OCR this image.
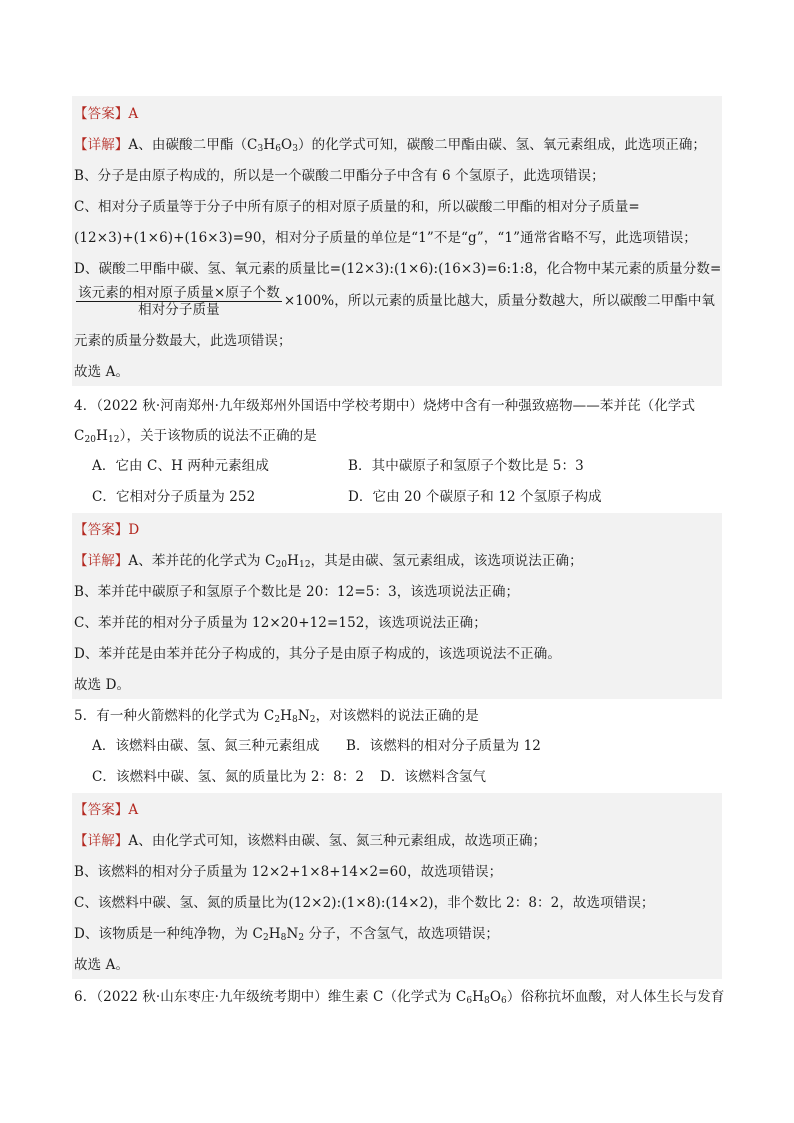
【答案】A
【详解】A、由碳酸二甲酯$(C_3H_6O_3)$的化学式可知，碳酸二甲酯由碳、氢、氧元素组成，此选项正确；
B、分子是由原子构成的，所以是一个碳酸二甲酯分子中含有 6 个氢原子，此选项错误；
C、相对分子质量等于分子中所有原子的相对原子质量的和，所以碳酸二甲酯的相对分子质量=
(12×3)+(1×6)+(16×3)=90，相对分子质量的单位是“1”不是“g”，“1”通常省略不写，此选项错误；
D、碳酸二甲酯中碳、氢、氧元素的质量比=(12×3):(1×6):(16×3)=6:1:8，化合物中某元素的质量分数=
$\frac{\text{该元素的相对原子质量×原子个数}}{\text{相对分子质量}} \times 100\%$，所以元素的质量比越大，质量分数越大，所以碳酸二甲酯中氧
元素的质量分数最大，此选项错误；
故选 A。
4．（2022 秋·河南郑州·九年级郑州外国语中学校考期中）烧烤中含有一种强致癌物——苯并芘（化学式
$C_{20}H_{12}$），关于该物质的说法不正确的是
A．它由 C、H 两种元素组成	B．其中碳原子和氢原子个数比是 5：3
C．它相对分子质量为 252	D．它由 20 个碳原子和 12 个氢原子构成
【答案】D
【详解】A、苯并芘的化学式为 $C_{20}H_{12}$，其是由碳、氢元素组成，该选项说法正确；
B、苯并芘中碳原子和氢原子个数比是 20：12=5：3，该选项说法正确；
C、苯并芘的相对分子质量为 12×20+12=152，该选项说法正确；
D、苯并芘是由苯并芘分子构成的，其分子是由原子构成的，该选项说法不正确。
故选 D。
5．有一种火箭燃料的化学式为 $C_2H_8N_2$，对该燃料的说法正确的是
A．该燃料由碳、氢、氮三种元素组成	B．该燃料的相对分子质量为 12
C．该燃料中碳、氢、氮的质量比为 2：8：2	D．该燃料含氢气
【答案】A
【详解】A、由化学式可知，该燃料由碳、氢、氮三种元素组成，故选项正确；
B、该燃料的相对分子质量为 12×2+1×8+14×2=60，故选项错误；
C、该燃料中碳、氢、氮的质量比为(12×2):(1×8):(14×2)，非个数比 2：8：2，故选项错误；
D、该物质是一种纯净物，为 $C_2H_8N_2$ 分子，不含氢气，故选项错误；
故选 A。
6．（2022 秋·山东枣庄·九年级统考期中）维生素 C（化学式为 $C_6H_8O_6$）俗称抗坏血酸，对人体生长与发育
